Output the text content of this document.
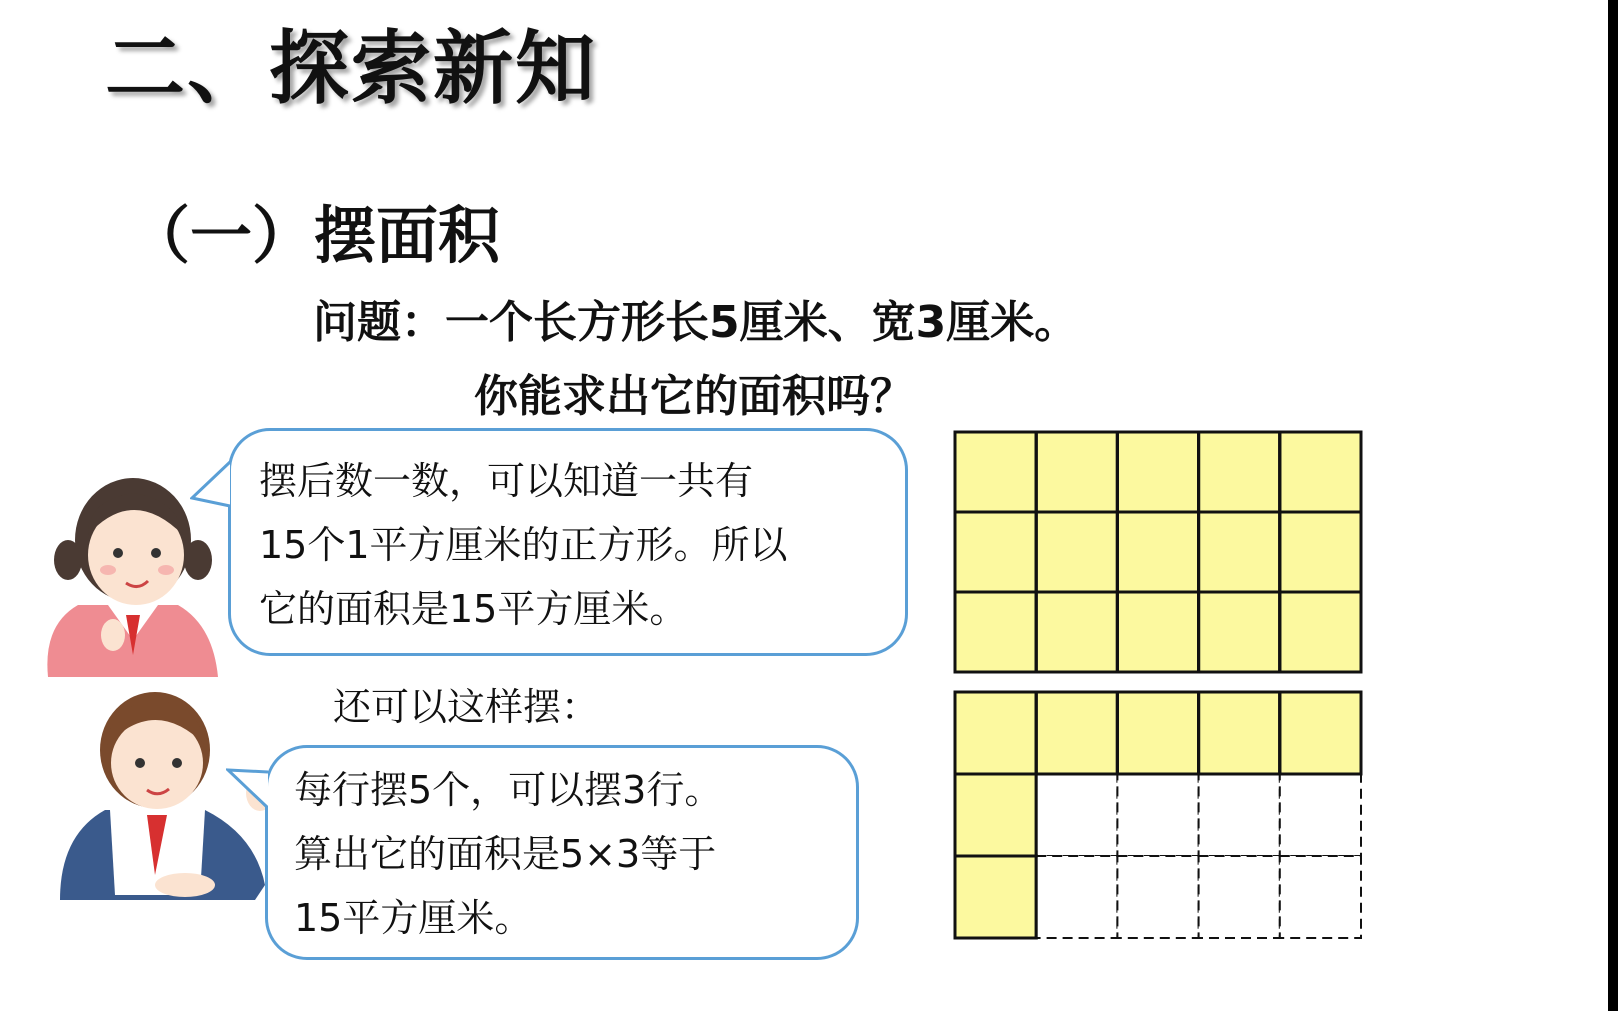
二、探索新知
（一）摆面积
问题：一个长方形长5厘米、宽3厘米。
你能求出它的面积吗？
摆后数一数，可以知道一共有
15个1平方厘米的正方形。所以
它的面积是15平方厘米。
还可以这样摆：
每行摆5个，可以摆3行。
算出它的面积是5×3等于
15平方厘米。
